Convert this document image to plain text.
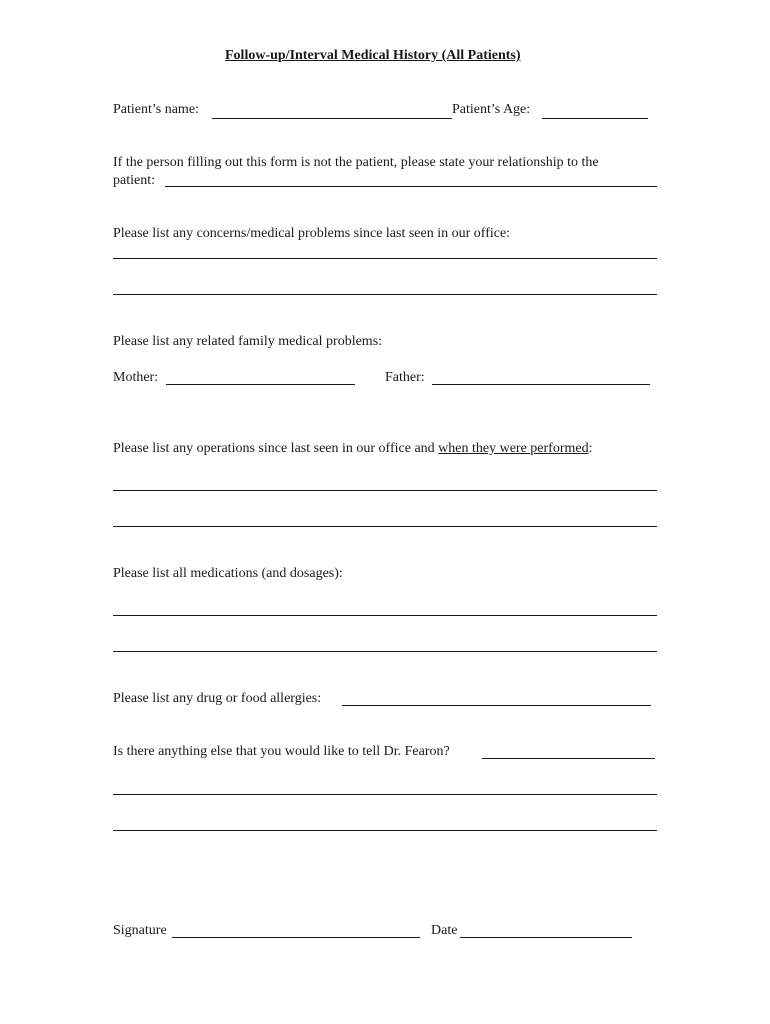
Follow-up/Interval Medical History (All Patients)
Patient’s name:	Patient’s Age:
If the person filling out this form is not the patient, please state your relationship to the
patient:
Please list any concerns/medical problems since last seen in our office:
Please list any related family medical problems:
Mother:	Father:
Please list any operations since last seen in our office and when they were performed:
Please list all medications (and dosages):
Please list any drug or food allergies:
Is there anything else that you would like to tell Dr. Fearon?
Signature	Date
